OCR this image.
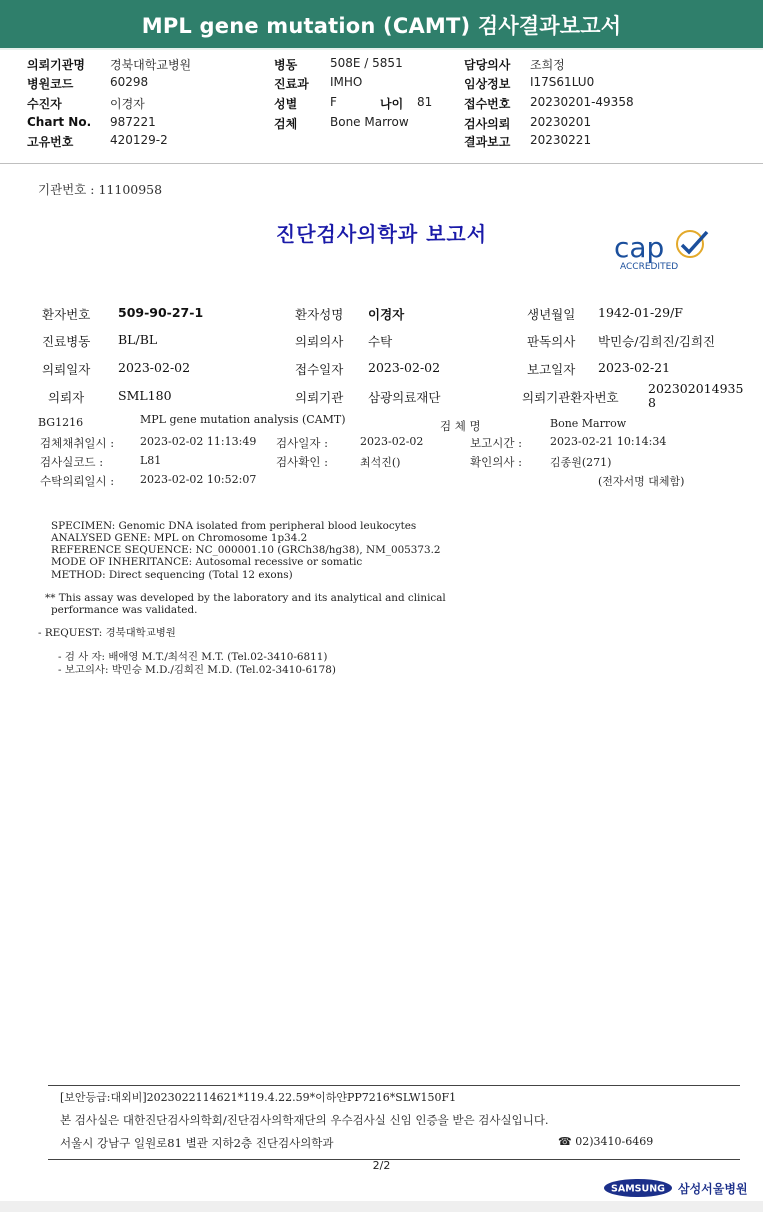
MPL gene mutation (CAMT) 검사결과보고서
의뢰기관명 경북대학교병원
병원코드	60298
수진자	이경자
Chart No. 987221
고유번호	420129-2
병동	508E / 5851
진료과 IMHO
성별	F	나이 81
검체	Bone Marrow
담당의사 조희정
임상정보 I17S61LU0
접수번호 20230201-49358
검사의뢰 20230201
결과보고 20230221
기관번호 : 11100958
진단검사의학과 보고서	cap
ACCREDITED
환자번호 509-90-27-1	환자성명 이경자	생년월일 1942-01-29/F
진료병동 BL/BL	의뢰의사 수탁	판독의사 박민승/김희진/김희진
의뢰일자 2023-02-02	접수일자 2023-02-02	보고일자 2023-02-21
의뢰자	SML180	의뢰기관 삼광의료재단	의뢰기관환자번호
202302014935
8
BG1216	MPL gene mutation analysis (CAMT)	검 체 명	Bone Marrow
검체채취일시 : 2023-02-02 11:13:49 검사일자 :	2023-02-02	보고시간 :	2023-02-21 10:14:34
검사실코드 :	L81	검사확인 :	최석진()	확인의사 :	김종원(271)
수탁의뢰일시 : 2023-02-02 10:52:07	(전자서명 대체함)
SPECIMEN: Genomic DNA isolated from peripheral blood leukocytes
ANALYSED GENE: MPL on Chromosome 1p34.2
REFERENCE SEQUENCE: NC_000001.10 (GRCh38/hg38), NM_005373.2
MODE OF INHERITANCE: Autosomal recessive or somatic
METHOD: Direct sequencing (Total 12 exons)
** This assay was developed by the laboratory and its analytical and clinical
performance was validated.
- REQUEST: 경북대학교병원
- 검 사 자: 배애영 M.T./최석진 M.T. (Tel.02-3410-6811)
- 보고의사: 박민승 M.D./김희진 M.D. (Tel.02-3410-6178)
[보안등급:대외비]2023022114621*119.4.22.59*이하얀PP7216*SLW150F1
본 검사실은 대한진단검사의학회/진단검사의학재단의 우수검사실 신임 인증을 받은 검사실입니다.
서울시 강남구 일원로81 별관 지하2층 진단검사의학과	☎ 02)3410-6469
2/2
SAMSUNG 삼성서울병원
